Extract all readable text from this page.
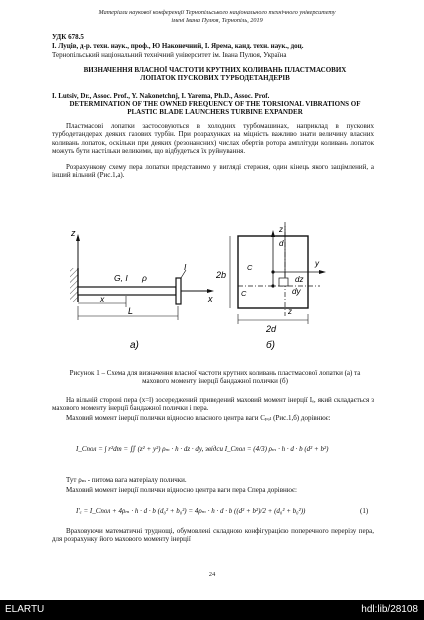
Матеріали наукової конференції Тернопільського національного технічного університету
імені Івана Пулюя, Тернопіль, 2019
УДК 678.5
І. Луців, д-р. техн. наук., проф., Ю Наконечний, І. Ярема, канд. техн. наук., доц.
Тернопільський національний технічний університет ім. Івана Пулюя, Україна
ВИЗНАЧЕННЯ ВЛАСНОЇ ЧАСТОТИ КРУТНИХ КОЛИВАНЬ ПЛАСТМАСОВИХ ЛОПАТОК ПУСКОВИХ ТУРБОДЕТАНДЕРІВ
I. Lutsiv, Dr., Assoc. Prof., Y. Nakonetchnj, I. Yarema, Ph.D., Assoc. Prof.
DETERMINATION OF THE OWNED FREQUENCY OF THE TORSIONAL VIBRATIONS OF PLASTIC BLADE LAUNCHERS TURBINE EXPANDER
Пластмасові лопатки застосовуються в холодних турбомашинах, наприклад в пускових турбодетандерах деяких газових турбін. При розрахунках на міцність важливо знати величину власних коливань лопаток, оскільки при деяких (резонансних) числах обертів ротора амплітуди коливань лопаток можуть бути настільки великими, що відбудеться їх руйнування.
Розрахункову схему пера лопатки представимо у вигляді стержня, один кінець якого защімлений, а інший вільний (Рис.1,а).
z
x
G, I ρ
I
x
L
а)
z
d
y
C
C	dy
dz
z
2b
2d
б)
Рисунок 1 – Схема для визначення власної частоти крутних коливань пластмасової лопатки (а) та махового моменту інерції бандажної полички (б)
На вільній стороні пера (x=l) зосереджений приведений маховий момент інерції Iₑ, який складається з махового моменту інерції бандажної полички і пера.
Маховий момент інерції полички відносно власного центра ваги Cₚₒₗ (Рис.1,б) дорівнює:
I_Cпол = ∫ r²dm = ∬ (z² + y²) ρₘ · h · dz · dy, звідси I_Cпол = (4/3) ρₘ · h · d · b (d² + b²)
Тут ρₘ - питома вага матеріалу полички.
Маховий момент інерції полички відносно центра ваги пера Cпера дорівнює:
I′ₑ = I_Cпол + 4ρₘ · h · d · b (d₀² + b₀²) = 4ρₘ · h · d · b ((d² + b²)/2 + (d₀² + b₀²))	(1)
Враховуючи математичні труднощі, обумовлені складною конфігурацією поперечного перерізу пера, для розрахунку його махового моменту інерції
24
ELARTU	hdl:lib/28108
